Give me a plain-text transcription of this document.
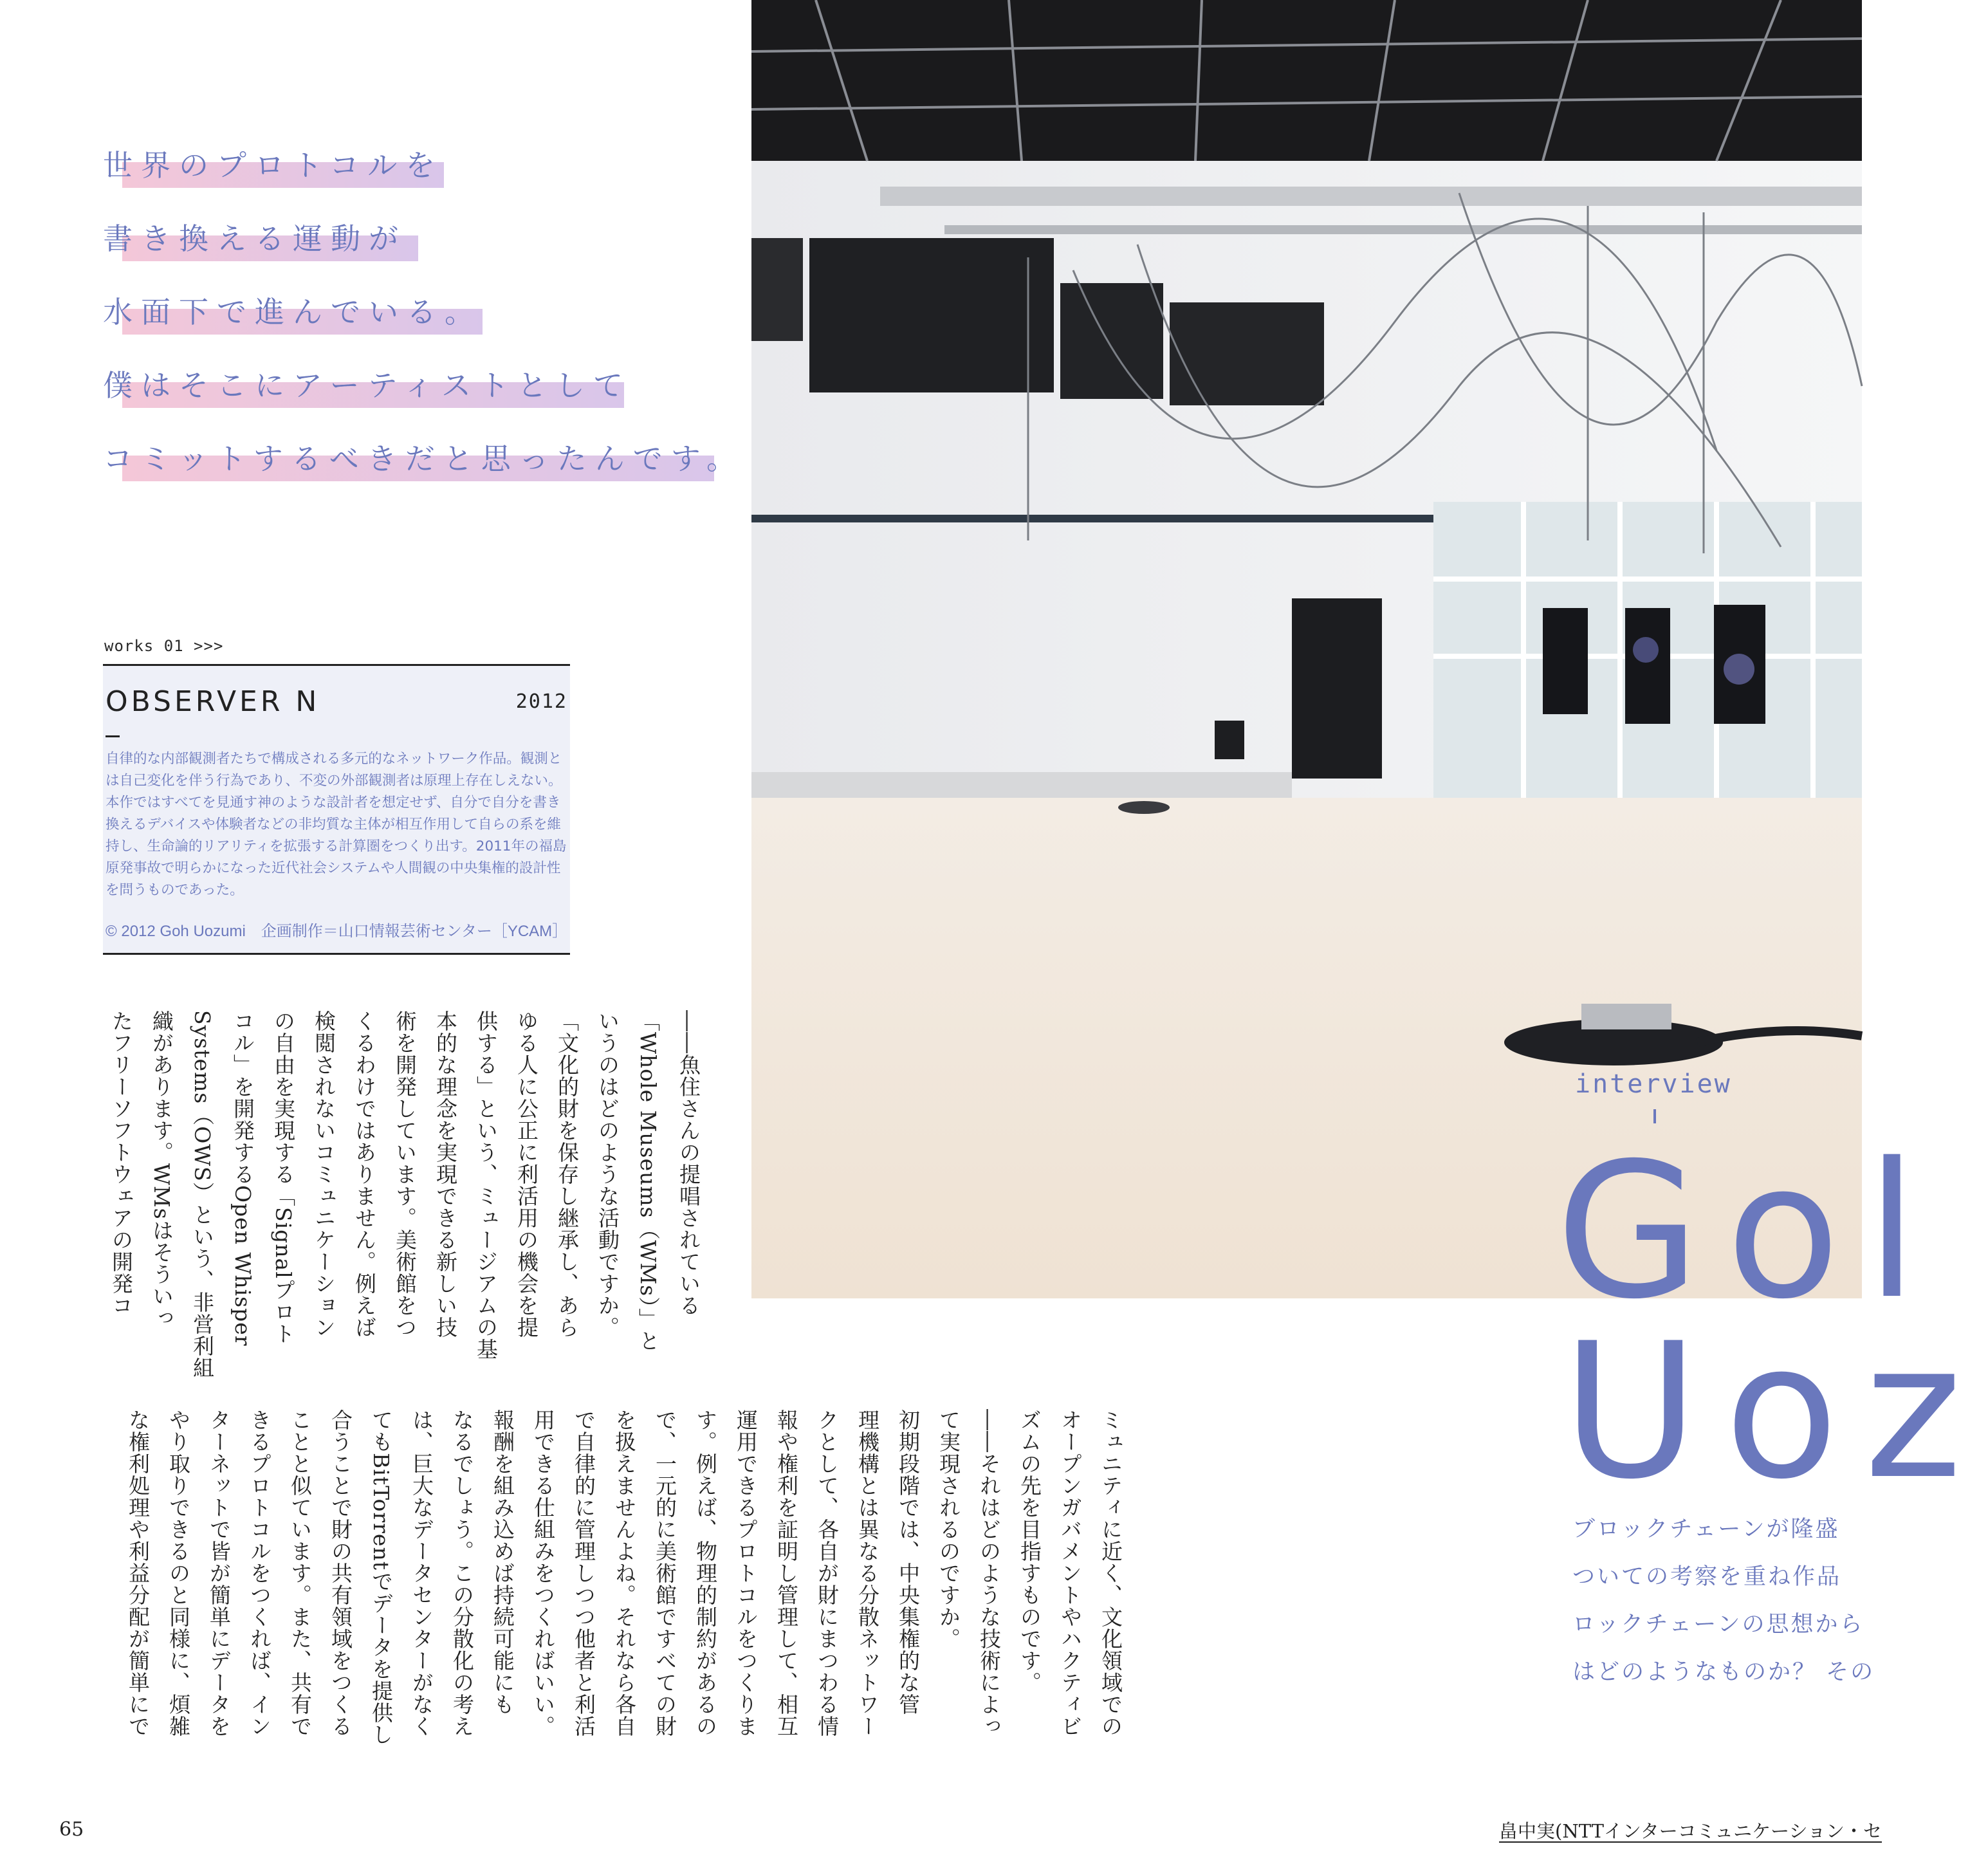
世界のプロトコルを
書き換える運動が
水面下で進んでいる。
僕はそこにアーティストとして
コミットするべきだと思ったんです。
works 01 >>>
OBSERVER N	2012
自律的な内部観測者たちで構成される多元的なネットワーク作品。観測とは自己変化を伴う行為であり、不変の外部観測者は原理上存在しえない。本作ではすべてを見通す神のような設計者を想定せず、自分で自分を書き換えるデバイスや体験者などの非均質な主体が相互作用して自らの系を維持し、生命論的リアリティを拡張する計算圏をつくり出す。2011年の福島原発事故で明らかになった近代社会システムや人間観の中央集権的設計性を問うものであった。
© 2012 Goh Uozumi　企画制作＝山口情報芸術センター［YCAM］
――魚住さんの提唱されている
「Whole Museums（WMs）」と
いうのはどのような活動ですか。
「文化的財を保存し継承し、あら
ゆる人に公正に利活用の機会を提
供する」という、ミュージアムの基
本的な理念を実現できる新しい技
術を開発しています。美術館をつ
くるわけではありません。例えば
検閲されないコミュニケーション
の自由を実現する「Signalプロト
コル」を開発するOpen Whisper
Systems（OWS）という、非営利組
織があります。WMsはそういっ
たフリーソフトウェアの開発コ
ミュニティに近く、文化領域での
オープンガバメントやハクティビ
ズムの先を目指すものです。
――それはどのような技術によっ
て実現されるのですか。
初期段階では、中央集権的な管
理機構とは異なる分散ネットワー
クとして、各自が財にまつわる情
報や権利を証明し管理して、相互
運用できるプロトコルをつくりま
す。例えば、物理的制約があるの
で、一元的に美術館ですべての財
を扱えませんよね。それなら各自
で自律的に管理しつつ他者と利活
用できる仕組みをつくればいい。
報酬を組み込めば持続可能にも
なるでしょう。この分散化の考え
は、巨大なデータセンターがなく
てもBitTorrentでデータを提供し
合うことで財の共有領域をつくる
ことと似ています。また、共有で
きるプロトコルをつくれば、イン
ターネットで皆が簡単にデータを
やり取りできるのと同様に、煩雑
な権利処理や利益分配が簡単にで
interview
Gol
Uoz
ブロックチェーンが隆盛
ついての考察を重ね作品
ロックチェーンの思想から
はどのようなものか？ その
65	畠中実(NTTインターコミュニケーション・セ
